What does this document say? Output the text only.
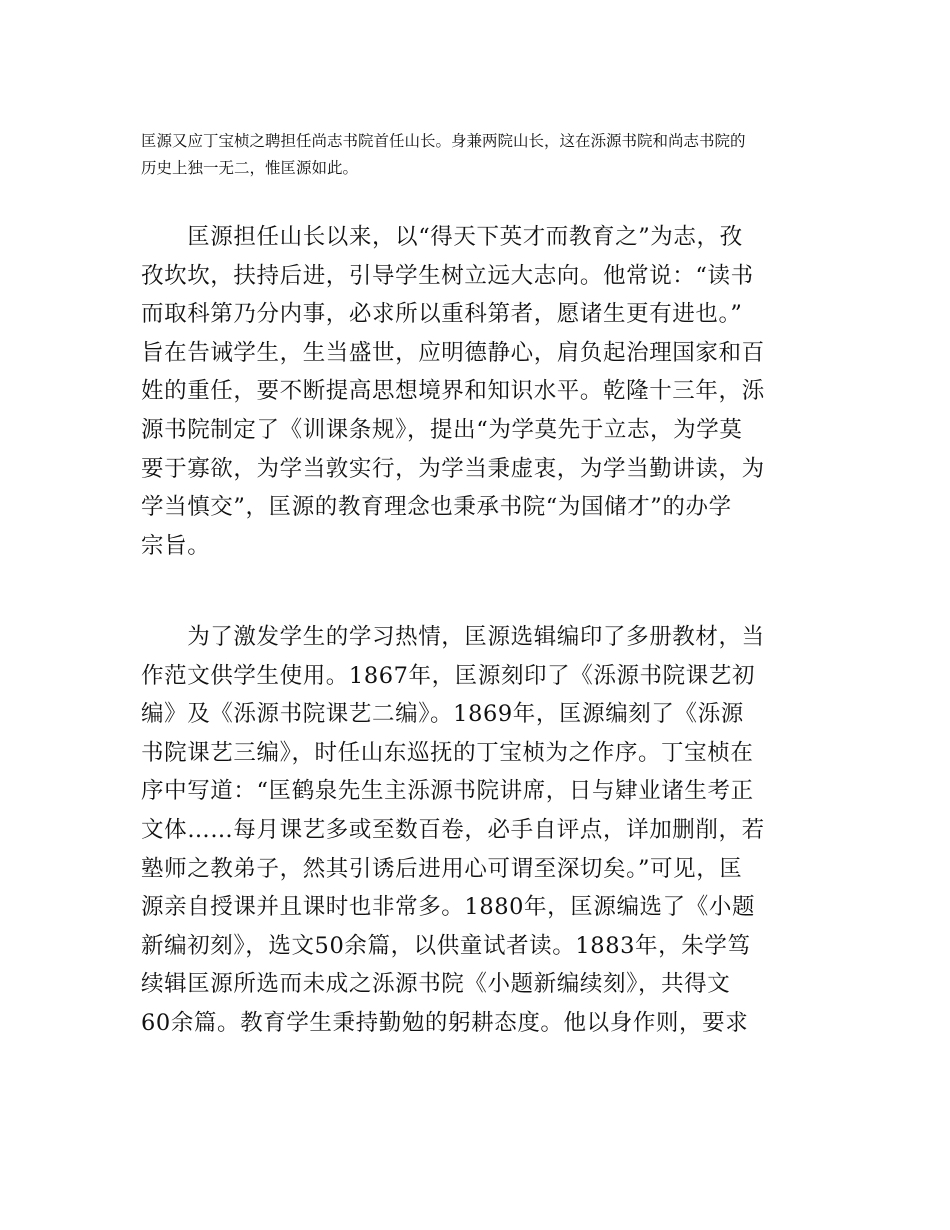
匡源又应丁宝桢之聘担任尚志书院首任山长。身兼两院山长，这在泺源书院和尚志书院的
历史上独一无二，惟匡源如此。
　　匡源担任山长以来，以“得天下英才而教育之”为志，孜
孜坎坎，扶持后进，引导学生树立远大志向。他常说：“读书
而取科第乃分内事，必求所以重科第者，愿诸生更有进也。”
旨在告诫学生，生当盛世，应明德静心，肩负起治理国家和百
姓的重任，要不断提高思想境界和知识水平。乾隆十三年，泺
源书院制定了《训课条规》，提出“为学莫先于立志，为学莫
要于寡欲，为学当敦实行，为学当秉虚衷，为学当勤讲读，为
学当慎交”，匡源的教育理念也秉承书院“为国储才”的办学
宗旨。
　　为了激发学生的学习热情，匡源选辑编印了多册教材，当
作范文供学生使用。1867年，匡源刻印了《泺源书院课艺初
编》及《泺源书院课艺二编》。1869年，匡源编刻了《泺源
书院课艺三编》，时任山东巡抚的丁宝桢为之作序。丁宝桢在
序中写道：“匡鹤泉先生主泺源书院讲席，日与肄业诸生考正
文体……每月课艺多或至数百卷，必手自评点，详加删削，若
塾师之教弟子，然其引诱后进用心可谓至深切矣。”可见，匡
源亲自授课并且课时也非常多。1880年，匡源编选了《小题
新编初刻》，选文50余篇，以供童试者读。1883年，朱学笃
续辑匡源所选而未成之泺源书院《小题新编续刻》，共得文
60余篇。教育学生秉持勤勉的躬耕态度。他以身作则，要求
